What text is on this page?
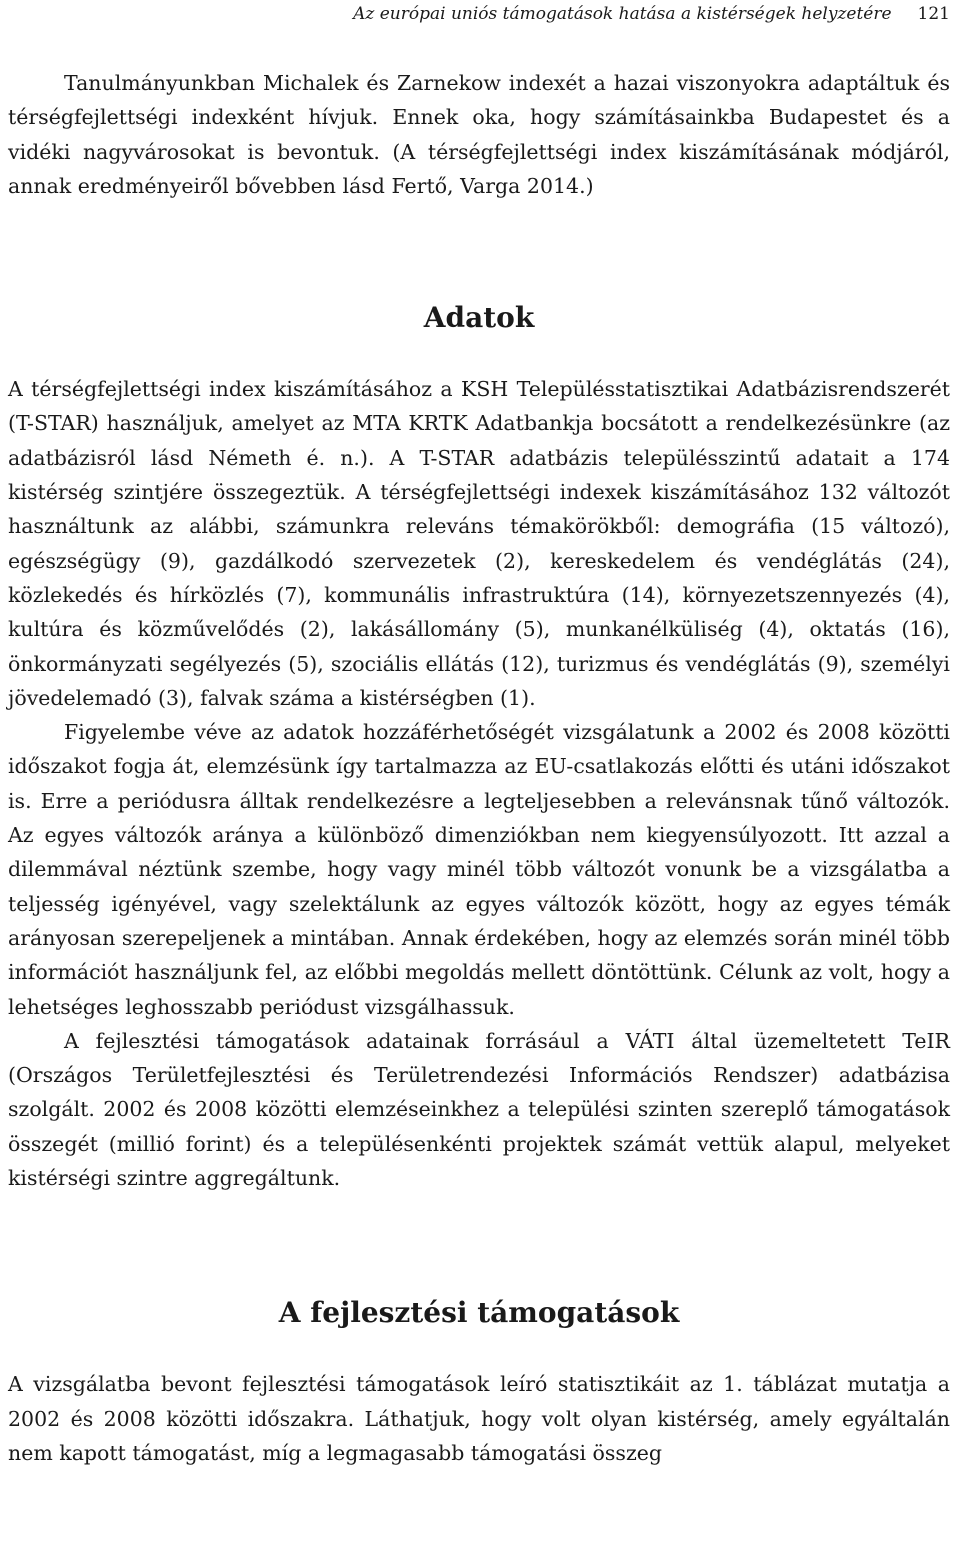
Az európai uniós támogatások hatása a kistérségek helyzetére 121

Tanulmányunkban Michalek és Zarnekow indexét a hazai viszonyokra adaptáltuk és térségfejlettségi indexként hívjuk. Ennek oka, hogy számításainkba Budapestet és a vidéki nagyvárosokat is bevontuk. (A térségfejlettségi index kiszámításának módjáról, annak eredményeiről bővebben lásd Fertő, Varga 2014.)

Adatok

A térségfejlettségi index kiszámításához a KSH Településstatisztikai Adatbázisrendszerét (T-STAR) használjuk, amelyet az MTA KRTK Adatbankja bocsátott a rendelkezésünkre (az adatbázisról lásd Németh é. n.). A T-STAR adatbázis településszintű adatait a 174 kistérség szintjére összegeztük. A térségfejlettségi indexek kiszámításához 132 változót használtunk az alábbi, számunkra releváns témakörökből: demográfia (15 változó), egészségügy (9), gazdálkodó szervezetek (2), kereskedelem és vendéglátás (24), közlekedés és hírközlés (7), kommunális infrastruktúra (14), környezetszennyezés (4), kultúra és közművelődés (2), lakásállomány (5), munkanélküliség (4), oktatás (16), önkormányzati segélyezés (5), szociális ellátás (12), turizmus és vendéglátás (9), személyi jövedelemadó (3), falvak száma a kistérségben (1).

Figyelembe véve az adatok hozzáférhetőségét vizsgálatunk a 2002 és 2008 közötti időszakot fogja át, elemzésünk így tartalmazza az EU-csatlakozás előtti és utáni időszakot is. Erre a periódusra álltak rendelkezésre a legteljesebben a relevánsnak tűnő változók. Az egyes változók aránya a különböző dimenziókban nem kiegyensúlyozott. Itt azzal a dilemmával néztünk szembe, hogy vagy minél több változót vonunk be a vizsgálatba a teljesség igényével, vagy szelektálunk az egyes változók között, hogy az egyes témák arányosan szerepeljenek a mintában. Annak érdekében, hogy az elemzés során minél több információt használjunk fel, az előbbi megoldás mellett döntöttünk. Célunk az volt, hogy a lehetséges leghosszabb periódust vizsgálhassuk.

A fejlesztési támogatások adatainak forrásául a VÁTI által üzemeltetett TeIR (Országos Területfejlesztési és Területrendezési Információs Rendszer) adatbázisa szolgált. 2002 és 2008 közötti elemzéseinkhez a települési szinten szereplő támogatások összegét (millió forint) és a településenkénti projektek számát vettük alapul, melyeket kistérségi szintre aggregáltunk.

A fejlesztési támogatások

A vizsgálatba bevont fejlesztési támogatások leíró statisztikáit az 1. táblázat mutatja a 2002 és 2008 közötti időszakra. Láthatjuk, hogy volt olyan kistérség, amely egyáltalán nem kapott támogatást, míg a legmagasabb támogatási összeg
